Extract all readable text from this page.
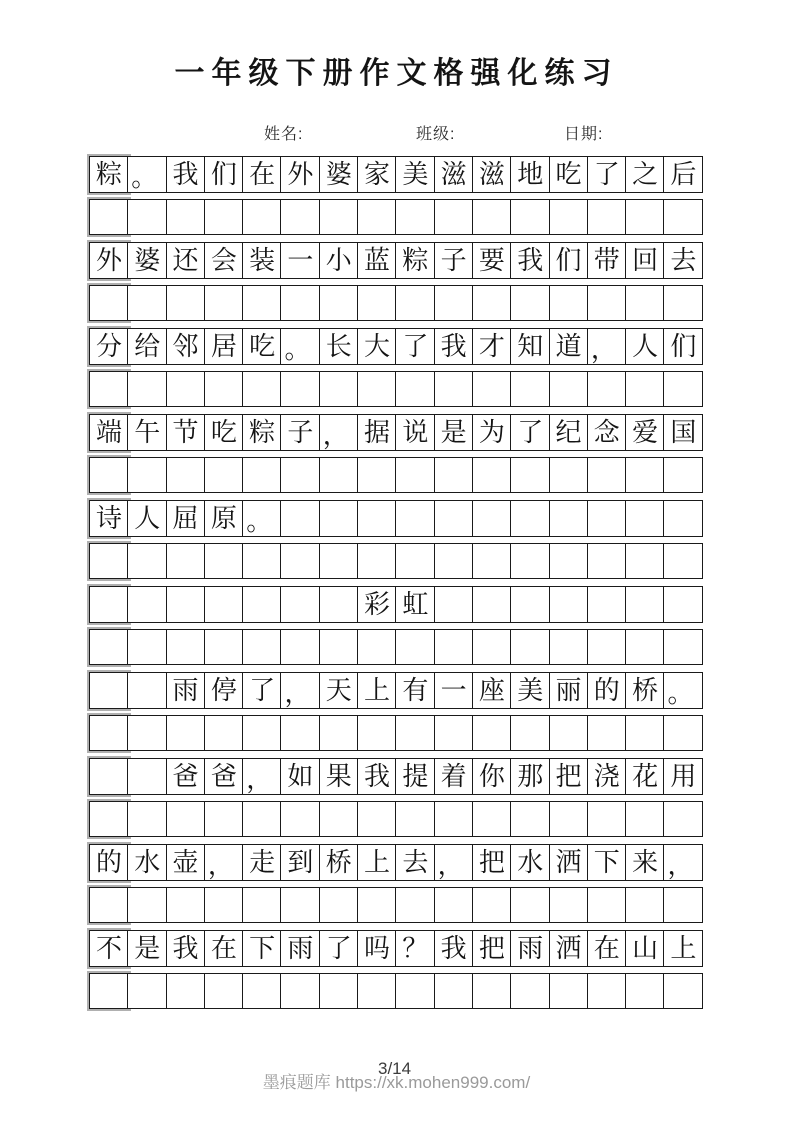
一年级下册作文格强化练习
姓名:	班级:	日期:
粽 。 我 们 在 外 婆 家 美 滋 滋 地 吃 了 之 后
外 婆 还 会 装 一 小 蓝 粽 子 要 我 们 带 回 去
分 给 邻 居 吃 。 长 大 了 我 才 知 道 ， 人 们
端 午 节 吃 粽 子 ， 据 说 是 为 了 纪 念 爱 国
诗 人 屈 原 。
彩 虹
雨 停 了 ， 天 上 有 一 座 美 丽 的 桥 。
爸 爸 ， 如 果 我 提 着 你 那 把 浇 花 用
的 水 壶 ， 走 到 桥 上 去 ， 把 水 洒 下 来 ，
不 是 我 在 下 雨 了 吗 ？ 我 把 雨 洒 在 山 上
墨痕题库 https://xk.mohen999.com/
3/14
